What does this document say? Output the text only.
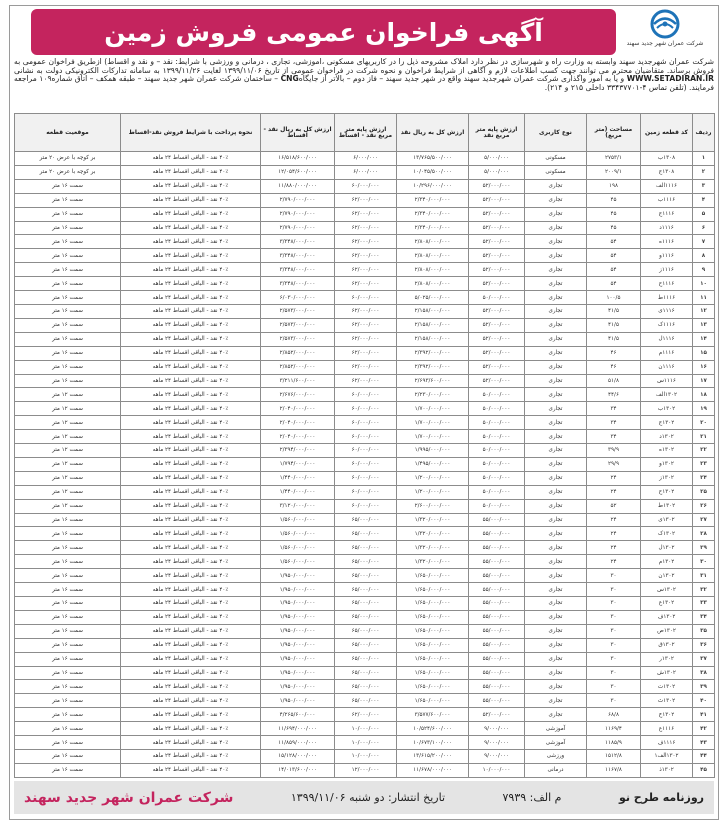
آگهی فراخوان عمومی فروش زمین	شرکت عمران شهر جدید سهند
شرکت عمران شهرجدید سهند وابسته به وزارت راه و شهرسازی در نظر دارد املاک مشروحه ذیل را در کاربریهای مسکونی ،آموزشی، تجاری ، درمانی و ورزشی با شرایط: نقد – و نقد و اقساط) ازطریق فراخوان عمومی به فروش برساند. متقاضیان محترم می توانند جهت کسب اطلاعات لازم و آگاهی از شرایط فراخوان و نحوه شرکت در فراخوان عمومی از تاریخ ۱۳۹۹/۱۱/۰۶ لغایت ۱۳۹۹/۱۱/۲۶ به سامانه تدارکات الکترونیکی دولت به نشانی WWW.SETADIRAN.IR و یا به امور واگذاری شرکت عمران شهرجدید سهند واقع در شهر جدید سهند – فاز دوم – بالاتر از جایگاهCNG – ساختمان شرکت عمران شهر جدید سهند – طبقه همکف – اتاق شماره۱۰۹ مراجعه فرمایند. (تلفن تماس ۴-۳۳۴۳۷۷۰۱ داخلی ۲۱۵ و ۲۱۴).
ردیف	کد قطعه زمین	مساحت (متر مربع)	نوع کاربری	ارزش پایه متر مربع نقد	ارزش کل به ریال نقد	ارزش پایه متر مربع نقد - اقساط	ارزش کل به ریال نقد - اقساط	نحوه پرداخت با شرایط فروش نقد-اقساط	موقعیت قطعه
۱	۱۳۰۸ب	۲۷۵۳/۱	مسکونی	۵/۰۰۰/۰۰۰	۱۳/۷۶۵/۵۰۰/۰۰۰	۶/۰۰۰/۰۰۰	۱۶/۵۱۸/۶۰۰/۰۰۰	۴۰٪ نقد - الباقی اقساط ۲۴ ماهه	بر کوچه با عرض ۲۰ متر
۲	۱۳۰۸ج	۲۰۰۹/۱	مسکونی	۵/۰۰۰/۰۰۰	۱۰/۰۴۵/۵۰۰/۰۰۰	۶/۰۰۰/۰۰۰	۱۲/۰۵۴/۶۰۰/۰۰۰	۴۰٪ نقد - الباقی اقساط ۲۴ ماهه	بر کوچه با عرض ۲۰ متر
۳	۱۱۱۶الف	۱۹۸	تجاری	۵۲/۰۰۰/۰۰۰	۱۰/۲۹۶/۰۰۰/۰۰۰	۶۰/۰۰۰/۰۰۰	۱۱/۸۸۰/۰۰۰/۰۰۰	۴۰٪ نقد - الباقی اقساط ۲۴ ماهه	سمت ۱۶ متر
۴	۱۱۱۶ب	۴۵	تجاری	۵۲/۰۰۰/۰۰۰	۲/۳۴۰/۰۰۰/۰۰۰	۶۲/۰۰۰/۰۰۰	۲/۷۹۰/۰۰۰/۰۰۰	۴۰٪ نقد - الباقی اقساط ۲۴ ماهه	سمت ۱۶ متر
۵	۱۱۱۶ج	۴۵	تجاری	۵۲/۰۰۰/۰۰۰	۲/۳۴۰/۰۰۰/۰۰۰	۶۲/۰۰۰/۰۰۰	۲/۷۹۰/۰۰۰/۰۰۰	۴۰٪ نقد - الباقی اقساط ۲۴ ماهه	سمت ۱۶ متر
۶	۱۱۱۶د	۴۵	تجاری	۵۲/۰۰۰/۰۰۰	۲/۳۴۰/۰۰۰/۰۰۰	۶۲/۰۰۰/۰۰۰	۲/۷۹۰/۰۰۰/۰۰۰	۴۰٪ نقد - الباقی اقساط ۲۴ ماهه	سمت ۱۶ متر
۷	۱۱۱۶ه	۵۴	تجاری	۵۲/۰۰۰/۰۰۰	۲/۸۰۸/۰۰۰/۰۰۰	۶۲/۰۰۰/۰۰۰	۳/۳۴۸/۰۰۰/۰۰۰	۴۰٪ نقد - الباقی اقساط ۲۴ ماهه	سمت ۱۶ متر
۸	۱۱۱۶و	۵۴	تجاری	۵۲/۰۰۰/۰۰۰	۲/۸۰۸/۰۰۰/۰۰۰	۶۲/۰۰۰/۰۰۰	۳/۳۴۸/۰۰۰/۰۰۰	۴۰٪ نقد - الباقی اقساط ۲۴ ماهه	سمت ۱۶ متر
۹	۱۱۱۶ز	۵۴	تجاری	۵۲/۰۰۰/۰۰۰	۲/۸۰۸/۰۰۰/۰۰۰	۶۲/۰۰۰/۰۰۰	۳/۳۴۸/۰۰۰/۰۰۰	۴۰٪ نقد - الباقی اقساط ۲۴ ماهه	سمت ۱۶ متر
۱۰	۱۱۱۶ح	۵۴	تجاری	۵۲/۰۰۰/۰۰۰	۲/۸۰۸/۰۰۰/۰۰۰	۶۲/۰۰۰/۰۰۰	۳/۳۴۸/۰۰۰/۰۰۰	۴۰٪ نقد - الباقی اقساط ۲۴ ماهه	سمت ۱۶ متر
۱۱	۱۱۱۶ط	۱۰۰/۵	تجاری	۵۰/۰۰۰/۰۰۰	۵/۰۲۵/۰۰۰/۰۰۰	۶۰/۰۰۰/۰۰۰	۶/۰۳۰/۰۰۰/۰۰۰	۴۰٪ نقد - الباقی اقساط ۲۴ ماهه	سمت ۱۶ متر
۱۲	۱۱۱۶ی	۴۱/۵	تجاری	۵۲/۰۰۰/۰۰۰	۲/۱۵۸/۰۰۰/۰۰۰	۶۲/۰۰۰/۰۰۰	۲/۵۷۳/۰۰۰/۰۰۰	۴۰٪ نقد - الباقی اقساط ۲۴ ماهه	سمت ۱۶ متر
۱۳	۱۱۱۶ک	۴۱/۵	تجاری	۵۲/۰۰۰/۰۰۰	۲/۱۵۸/۰۰۰/۰۰۰	۶۲/۰۰۰/۰۰۰	۲/۵۷۳/۰۰۰/۰۰۰	۴۰٪ نقد - الباقی اقساط ۲۴ ماهه	سمت ۱۶ متر
۱۴	۱۱۱۶ل	۴۱/۵	تجاری	۵۲/۰۰۰/۰۰۰	۲/۱۵۸/۰۰۰/۰۰۰	۶۲/۰۰۰/۰۰۰	۲/۵۷۳/۰۰۰/۰۰۰	۴۰٪ نقد - الباقی اقساط ۲۴ ماهه	سمت ۱۶ متر
۱۵	۱۱۱۶م	۴۶	تجاری	۵۲/۰۰۰/۰۰۰	۲/۳۹۲/۰۰۰/۰۰۰	۶۲/۰۰۰/۰۰۰	۲/۸۵۲/۰۰۰/۰۰۰	۴۰٪ نقد - الباقی اقساط ۲۴ ماهه	سمت ۱۶ متر
۱۶	۱۱۱۶ن	۴۶	تجاری	۵۲/۰۰۰/۰۰۰	۲/۳۹۲/۰۰۰/۰۰۰	۶۲/۰۰۰/۰۰۰	۲/۸۵۲/۰۰۰/۰۰۰	۴۰٪ نقد - الباقی اقساط ۲۴ ماهه	سمت ۱۶ متر
۱۷	۱۱۱۶س	۵۱/۸	تجاری	۵۲/۰۰۰/۰۰۰	۲/۶۹۳/۶۰۰/۰۰۰	۶۲/۰۰۰/۰۰۰	۳/۲۱۱/۶۰۰/۰۰۰	۴۰٪ نقد - الباقی اقساط ۲۴ ماهه	سمت ۱۶ متر
۱۸	۱۳۰۲الف	۴۴/۶	تجاری	۵۰/۰۰۰/۰۰۰	۲/۲۳۰/۰۰۰/۰۰۰	۶۰/۰۰۰/۰۰۰	۲/۶۷۶/۰۰۰/۰۰۰	۴۰٪ نقد - الباقی اقساط ۲۴ ماهه	سمت ۱۲ متر
۱۹	۱۳۰۲ب	۳۴	تجاری	۵۰/۰۰۰/۰۰۰	۱/۷۰۰/۰۰۰/۰۰۰	۶۰/۰۰۰/۰۰۰	۲/۰۴۰/۰۰۰/۰۰۰	۴۰٪ نقد - الباقی اقساط ۲۴ ماهه	سمت ۱۲ متر
۲۰	۱۳۰۲ج	۳۴	تجاری	۵۰/۰۰۰/۰۰۰	۱/۷۰۰/۰۰۰/۰۰۰	۶۰/۰۰۰/۰۰۰	۲/۰۴۰/۰۰۰/۰۰۰	۴۰٪ نقد - الباقی اقساط ۲۴ ماهه	سمت ۱۲ متر
۲۱	۱۳۰۲د	۳۴	تجاری	۵۰/۰۰۰/۰۰۰	۱/۷۰۰/۰۰۰/۰۰۰	۶۰/۰۰۰/۰۰۰	۲/۰۴۰/۰۰۰/۰۰۰	۴۰٪ نقد - الباقی اقساط ۲۴ ماهه	سمت ۱۲ متر
۲۲	۱۳۰۲ه	۳۹/۹	تجاری	۵۰/۰۰۰/۰۰۰	۱/۹۹۵/۰۰۰/۰۰۰	۶۰/۰۰۰/۰۰۰	۲/۳۹۴/۰۰۰/۰۰۰	۴۰٪ نقد - الباقی اقساط ۲۴ ماهه	سمت ۱۲ متر
۲۳	۱۳۰۲و	۲۹/۹	تجاری	۵۰/۰۰۰/۰۰۰	۱/۴۹۵/۰۰۰/۰۰۰	۶۰/۰۰۰/۰۰۰	۱/۷۹۴/۰۰۰/۰۰۰	۴۰٪ نقد - الباقی اقساط ۲۴ ماهه	سمت ۱۲ متر
۲۴	۱۳۰۲ز	۲۴	تجاری	۵۰/۰۰۰/۰۰۰	۱/۲۰۰/۰۰۰/۰۰۰	۶۰/۰۰۰/۰۰۰	۱/۴۴۰/۰۰۰/۰۰۰	۴۰٪ نقد - الباقی اقساط ۲۴ ماهه	سمت ۱۲ متر
۲۵	۱۳۰۲ح	۲۴	تجاری	۵۰/۰۰۰/۰۰۰	۱/۲۰۰/۰۰۰/۰۰۰	۶۰/۰۰۰/۰۰۰	۱/۴۴۰/۰۰۰/۰۰۰	۴۰٪ نقد - الباقی اقساط ۲۴ ماهه	سمت ۱۲ متر
۲۶	۱۳۰۲ط	۵۲	تجاری	۵۰/۰۰۰/۰۰۰	۲/۶۰۰/۰۰۰/۰۰۰	۶۰/۰۰۰/۰۰۰	۳/۱۲۰/۰۰۰/۰۰۰	۴۰٪ نقد - الباقی اقساط ۲۴ ماهه	سمت ۱۲ متر
۲۷	۱۳۰۲ی	۲۴	تجاری	۵۵/۰۰۰/۰۰۰	۱/۳۲۰/۰۰۰/۰۰۰	۶۵/۰۰۰/۰۰۰	۱/۵۶۰/۰۰۰/۰۰۰	۴۰٪ نقد - الباقی اقساط ۲۴ ماهه	سمت ۱۶ متر
۲۸	۱۳۰۲ک	۲۴	تجاری	۵۵/۰۰۰/۰۰۰	۱/۳۲۰/۰۰۰/۰۰۰	۶۵/۰۰۰/۰۰۰	۱/۵۶۰/۰۰۰/۰۰۰	۴۰٪ نقد - الباقی اقساط ۲۴ ماهه	سمت ۱۶ متر
۲۹	۱۳۰۲ل	۲۴	تجاری	۵۵/۰۰۰/۰۰۰	۱/۳۲۰/۰۰۰/۰۰۰	۶۵/۰۰۰/۰۰۰	۱/۵۶۰/۰۰۰/۰۰۰	۴۰٪ نقد - الباقی اقساط ۲۴ ماهه	سمت ۱۶ متر
۳۰	۱۳۰۲م	۲۴	تجاری	۵۵/۰۰۰/۰۰۰	۱/۳۲۰/۰۰۰/۰۰۰	۶۵/۰۰۰/۰۰۰	۱/۵۶۰/۰۰۰/۰۰۰	۴۰٪ نقد - الباقی اقساط ۲۴ ماهه	سمت ۱۶ متر
۳۱	۱۳۰۲ن	۳۰	تجاری	۵۵/۰۰۰/۰۰۰	۱/۶۵۰/۰۰۰/۰۰۰	۶۵/۰۰۰/۰۰۰	۱/۹۵۰/۰۰۰/۰۰۰	۴۰٪ نقد - الباقی اقساط ۲۴ ماهه	سمت ۱۶ متر
۳۲	۱۳۰۲س	۳۰	تجاری	۵۵/۰۰۰/۰۰۰	۱/۶۵۰/۰۰۰/۰۰۰	۶۵/۰۰۰/۰۰۰	۱/۹۵۰/۰۰۰/۰۰۰	۴۰٪ نقد - الباقی اقساط ۲۴ ماهه	سمت ۱۶ متر
۳۳	۱۳۰۲ع	۳۰	تجاری	۵۵/۰۰۰/۰۰۰	۱/۶۵۰/۰۰۰/۰۰۰	۶۵/۰۰۰/۰۰۰	۱/۹۵۰/۰۰۰/۰۰۰	۴۰٪ نقد - الباقی اقساط ۲۴ ماهه	سمت ۱۶ متر
۳۴	۱۳۰۲ف	۳۰	تجاری	۵۵/۰۰۰/۰۰۰	۱/۶۵۰/۰۰۰/۰۰۰	۶۵/۰۰۰/۰۰۰	۱/۹۵۰/۰۰۰/۰۰۰	۴۰٪ نقد - الباقی اقساط ۲۴ ماهه	سمت ۱۶ متر
۳۵	۱۳۰۲ص	۳۰	تجاری	۵۵/۰۰۰/۰۰۰	۱/۶۵۰/۰۰۰/۰۰۰	۶۵/۰۰۰/۰۰۰	۱/۹۵۰/۰۰۰/۰۰۰	۴۰٪ نقد - الباقی اقساط ۲۴ ماهه	سمت ۱۶ متر
۳۶	۱۳۰۲ق	۳۰	تجاری	۵۵/۰۰۰/۰۰۰	۱/۶۵۰/۰۰۰/۰۰۰	۶۵/۰۰۰/۰۰۰	۱/۹۵۰/۰۰۰/۰۰۰	۴۰٪ نقد - الباقی اقساط ۲۴ ماهه	سمت ۱۶ متر
۳۷	۱۳۰۲ر	۳۰	تجاری	۵۵/۰۰۰/۰۰۰	۱/۶۵۰/۰۰۰/۰۰۰	۶۵/۰۰۰/۰۰۰	۱/۹۵۰/۰۰۰/۰۰۰	۴۰٪ نقد - الباقی اقساط ۲۴ ماهه	سمت ۱۶ متر
۳۸	۱۳۰۲ش	۳۰	تجاری	۵۵/۰۰۰/۰۰۰	۱/۶۵۰/۰۰۰/۰۰۰	۶۵/۰۰۰/۰۰۰	۱/۹۵۰/۰۰۰/۰۰۰	۴۰٪ نقد - الباقی اقساط ۲۴ ماهه	سمت ۱۶ متر
۳۹	۱۳۰۲ت	۳۰	تجاری	۵۵/۰۰۰/۰۰۰	۱/۶۵۰/۰۰۰/۰۰۰	۶۵/۰۰۰/۰۰۰	۱/۹۵۰/۰۰۰/۰۰۰	۴۰٪ نقد - الباقی اقساط ۲۴ ماهه	سمت ۱۶ متر
۴۰	۱۳۰۲ث	۳۰	تجاری	۵۵/۰۰۰/۰۰۰	۱/۶۵۰/۰۰۰/۰۰۰	۶۵/۰۰۰/۰۰۰	۱/۹۵۰/۰۰۰/۰۰۰	۴۰٪ نقد - الباقی اقساط ۲۴ ماهه	سمت ۱۶ متر
۴۱	۱۳۰۲خ	۶۸/۸	تجاری	۵۲/۰۰۰/۰۰۰	۳/۵۷۷/۶۰۰/۰۰۰	۶۲/۰۰۰/۰۰۰	۴/۲۶۵/۶۰۰/۰۰۰	۴۰٪ نقد - الباقی اقساط ۲۴ ماهه	سمت ۱۶ متر
۴۲	۱۱۱۶ع	۱۱۶۹/۴	آموزشی	۹/۰۰۰/۰۰۰	۱۰/۵۲۴/۶۰۰/۰۰۰	۱۰/۰۰۰/۰۰۰	۱۱/۶۹۴/۰۰۰/۰۰۰	۴۰٪ نقد - الباقی اقساط ۲۴ ماهه	سمت ۱۶ متر
۴۳	۱۱۱۶ف	۱۱۸۵/۹	آموزشی	۹/۰۰۰/۰۰۰	۱۰/۶۷۳/۱۰۰/۰۰۰	۱۰/۰۰۰/۰۰۰	۱۱/۸۵۹/۰۰۰/۰۰۰	۴۰٪ نقد - الباقی اقساط ۲۴ ماهه	سمت ۱۶ متر
۴۴	۱۳۰۲الف۱	۱۵۱۲/۸	ورزشی	۹/۰۰۰/۰۰۰	۱۳/۶۱۵/۲۰۰/۰۰۰	۱۰/۰۰۰/۰۰۰	۱۵/۱۲۸/۰۰۰/۰۰۰	۴۰٪ نقد - الباقی اقساط ۲۴ ماهه	سمت ۱۶ متر
۴۵	۱۳۰۲ذ	۱۱۶۷/۸	درمانی	۱۰/۰۰۰/۰۰۰	۱۱/۶۷۸/۰۰۰/۰۰۰	۱۲/۰۰۰/۰۰۰	۱۴/۰۱۳/۶۰۰/۰۰۰	۴۰٪ نقد - الباقی اقساط ۲۴ ماهه	سمت ۱۶ متر
روزنامه طرح نو
م الف: ۷۹۳۹
تاریخ انتشار: دو شنبه ۱۳۹۹/۱۱/۰۶
شرکت عمران شهر جدید سهند
